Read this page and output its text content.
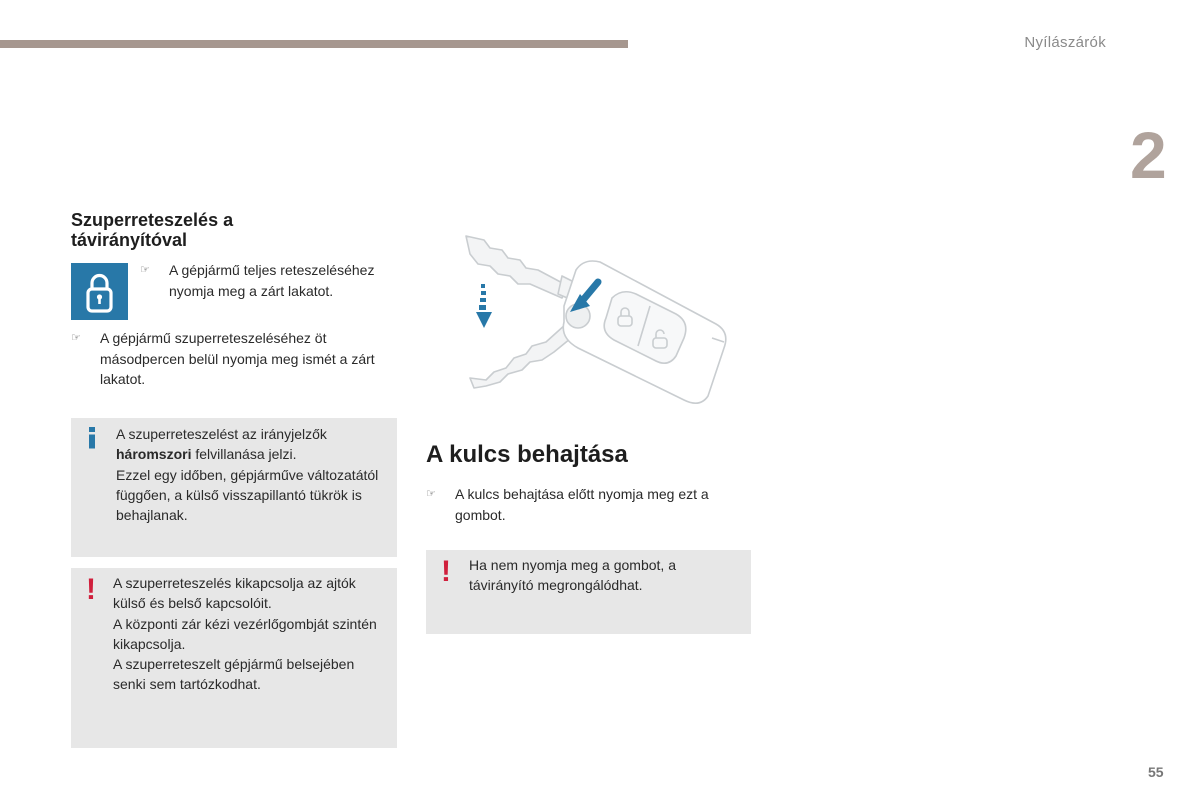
Nyílászárók
2
Szuperreteszelés a távirányítóval
☞ A gépjármű teljes reteszeléséhez nyomja meg a zárt lakatot.
☞ A gépjármű szuperreteszeléséhez öt másodpercen belül nyomja meg ismét a zárt lakatot.
A szuperreteszelést az irányjelzők
háromszori felvillanása jelzi.
Ezzel egy időben, gépjárműve változatától függően, a külső visszapillantó tükrök is behajlanak.
! A szuperreteszelés kikapcsolja az ajtók külső és belső kapcsolóit.
A központi zár kézi vezérlőgombját szintén kikapcsolja.
A szuperreteszelt gépjármű belsejében senki sem tartózkodhat.
A kulcs behajtása
☞ A kulcs behajtása előtt nyomja meg ezt a gombot.
! Ha nem nyomja meg a gombot, a távirányító megrongálódhat.
55
